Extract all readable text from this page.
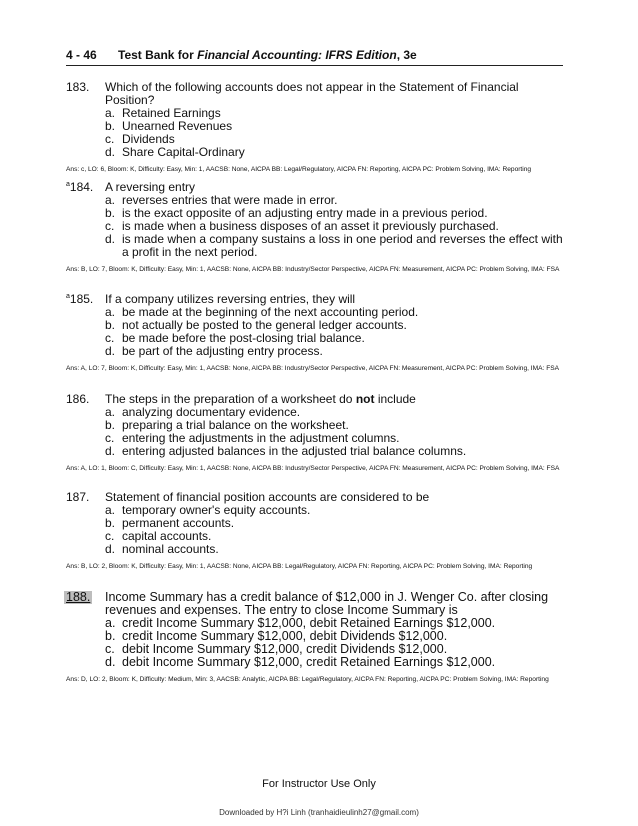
4 - 46 Test Bank for Financial Accounting: IFRS Edition, 3e
183. Which of the following accounts does not appear in the Statement of Financial Position?
a. Retained Earnings
b. Unearned Revenues
c. Dividends
d. Share Capital-Ordinary
Ans: c, LO: 6, Bloom: K, Difficulty: Easy, Min: 1, AACSB: None, AICPA BB: Legal/Regulatory, AICPA FN: Reporting, AICPA PC: Problem Solving, IMA: Reporting
$^a$184. A reversing entry
a. reverses entries that were made in error.
b. is the exact opposite of an adjusting entry made in a previous period.
c. is made when a business disposes of an asset it previously purchased.
d. is made when a company sustains a loss in one period and reverses the effect with a profit in the next period.
Ans: B, LO: 7, Bloom: K, Difficulty: Easy, Min: 1, AACSB: None, AICPA BB: Industry/Sector Perspective, AICPA FN: Measurement, AICPA PC: Problem Solving, IMA: FSA
$^a$185. If a company utilizes reversing entries, they will
a. be made at the beginning of the next accounting period.
b. not actually be posted to the general ledger accounts.
c. be made before the post-closing trial balance.
d. be part of the adjusting entry process.
Ans: A, LO: 7, Bloom: K, Difficulty: Easy, Min: 1, AACSB: None, AICPA BB: Industry/Sector Perspective, AICPA FN: Measurement, AICPA PC: Problem Solving, IMA: FSA
186. The steps in the preparation of a worksheet do not include
a. analyzing documentary evidence.
b. preparing a trial balance on the worksheet.
c. entering the adjustments in the adjustment columns.
d. entering adjusted balances in the adjusted trial balance columns.
Ans: A, LO: 1, Bloom: C, Difficulty: Easy, Min: 1, AACSB: None, AICPA BB: Industry/Sector Perspective, AICPA FN: Measurement, AICPA PC: Problem Solving, IMA: FSA
187. Statement of financial position accounts are considered to be
a. temporary owner's equity accounts.
b. permanent accounts.
c. capital accounts.
d. nominal accounts.
Ans: B, LO: 2, Bloom: K, Difficulty: Easy, Min: 1, AACSB: None, AICPA BB: Legal/Regulatory, AICPA FN: Reporting, AICPA PC: Problem Solving, IMA: Reporting
188. Income Summary has a credit balance of $12,000 in J. Wenger Co. after closing revenues and expenses. The entry to close Income Summary is
a. credit Income Summary $12,000, debit Retained Earnings $12,000.
b. credit Income Summary $12,000, debit Dividends $12,000.
c. debit Income Summary $12,000, credit Dividends $12,000.
d. debit Income Summary $12,000, credit Retained Earnings $12,000.
Ans: D, LO: 2, Bloom: K, Difficulty: Medium, Min: 3, AACSB: Analytic, AICPA BB: Legal/Regulatory, AICPA FN: Reporting, AICPA PC: Problem Solving, IMA: Reporting
For Instructor Use Only
Downloaded by H?i Linh (tranhaidieulinh27@gmail.com)
